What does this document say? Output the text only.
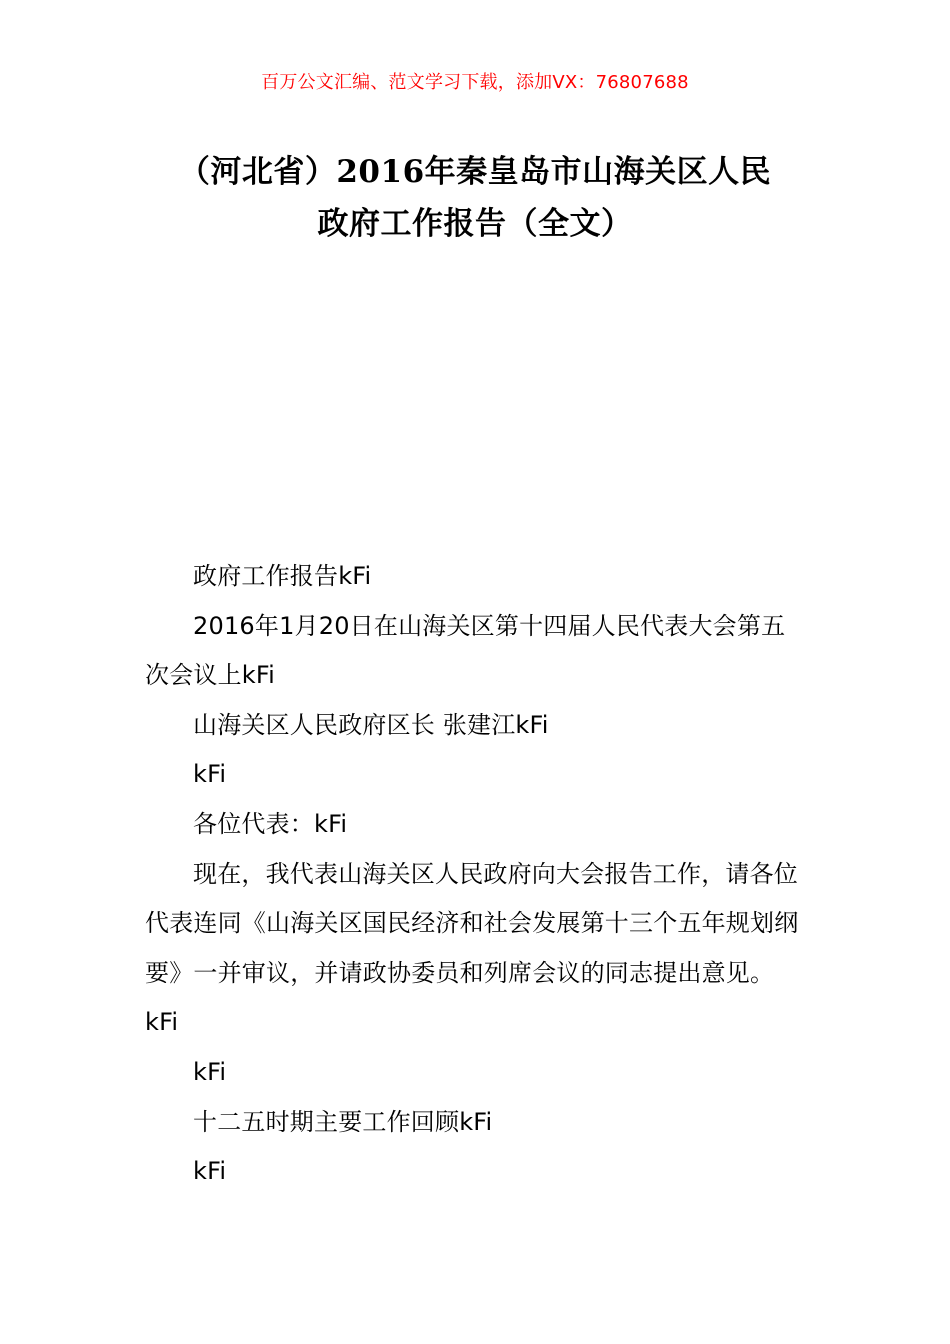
百万公文汇编、范文学习下载，添加VX：76807688
（河北省）2016年秦皇岛市山海关区人民
政府工作报告（全文）

政府工作报告kFi

2016年1月20日在山海关区第十四届人民代表大会第五次会议上kFi

山海关区人民政府区长 张建江kFi

kFi

各位代表：kFi

现在，我代表山海关区人民政府向大会报告工作，请各位代表连同《山海关区国民经济和社会发展第十三个五年规划纲要》一并审议，并请政协委员和列席会议的同志提出意见。kFi

kFi

十二五时期主要工作回顾kFi

kFi
